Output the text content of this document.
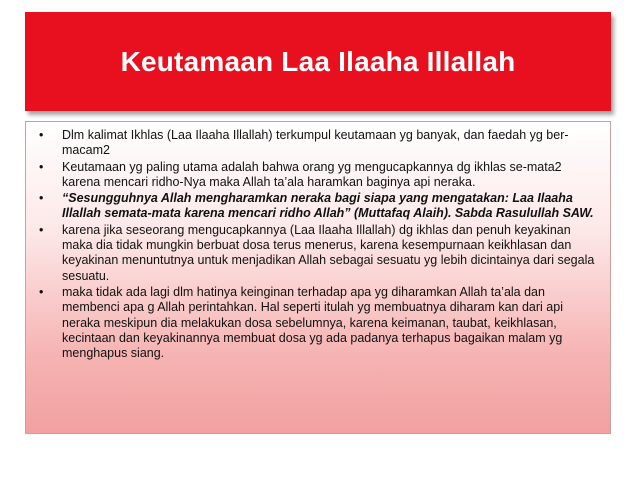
Keutamaan Laa Ilaaha Illallah
• Dlm kalimat Ikhlas (Laa Ilaaha Illallah) terkumpul keutamaan yg banyak, dan faedah yg ber-macam2
• Keutamaan yg paling utama adalah bahwa orang yg mengucapkannya dg ikhlas se-mata2 karena mencari ridho-Nya maka Allah ta’ala haramkan baginya api neraka.
• “Sesungguhnya Allah mengharamkan neraka bagi siapa yang mengatakan: Laa Ilaaha Illallah semata-mata karena mencari ridho Allah” (Muttafaq Alaih). Sabda Rasulullah SAW.
• karena jika seseorang mengucapkannya (Laa Ilaaha Illallah) dg ikhlas dan penuh keyakinan maka dia tidak mungkin berbuat dosa terus menerus, karena kesempurnaan keikhlasan dan keyakinan menuntutnya untuk menjadikan Allah sebagai sesuatu yg lebih dicintainya dari segala sesuatu.
• maka tidak ada lagi dlm hatinya keinginan terhadap apa yg diharamkan Allah ta’ala dan membenci apa g Allah perintahkan. Hal seperti itulah yg membuatnya diharam kan dari api neraka meskipun dia melakukan dosa sebelumnya, karena keimanan, taubat, keikhlasan, kecintaan dan keyakinannya membuat dosa yg ada padanya terhapus bagaikan malam yg menghapus siang.
